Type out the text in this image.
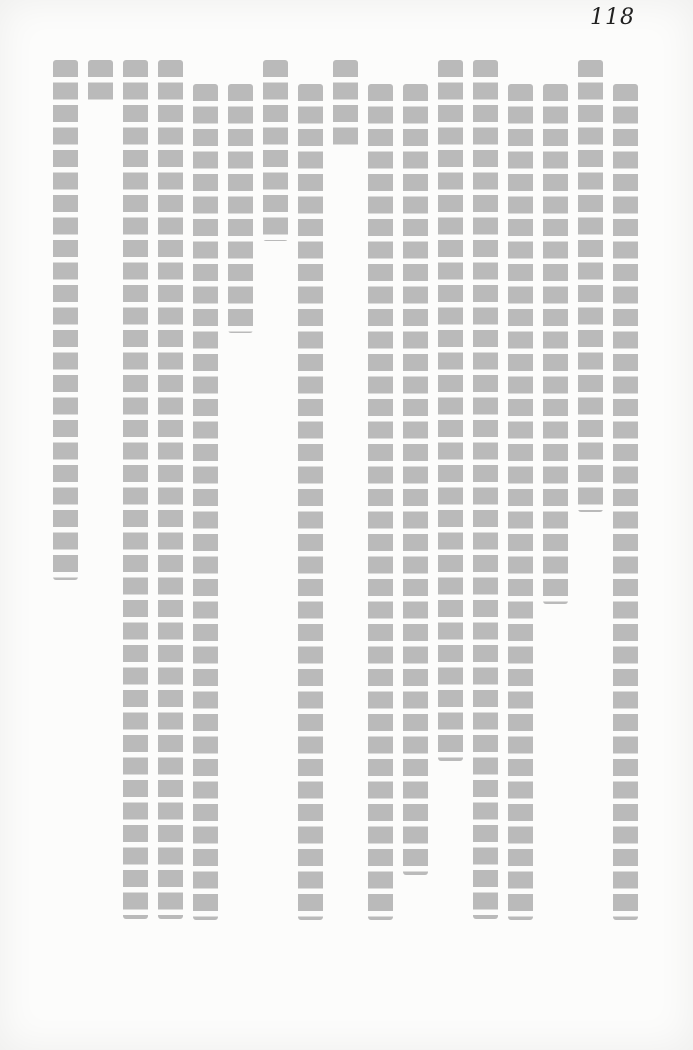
118
